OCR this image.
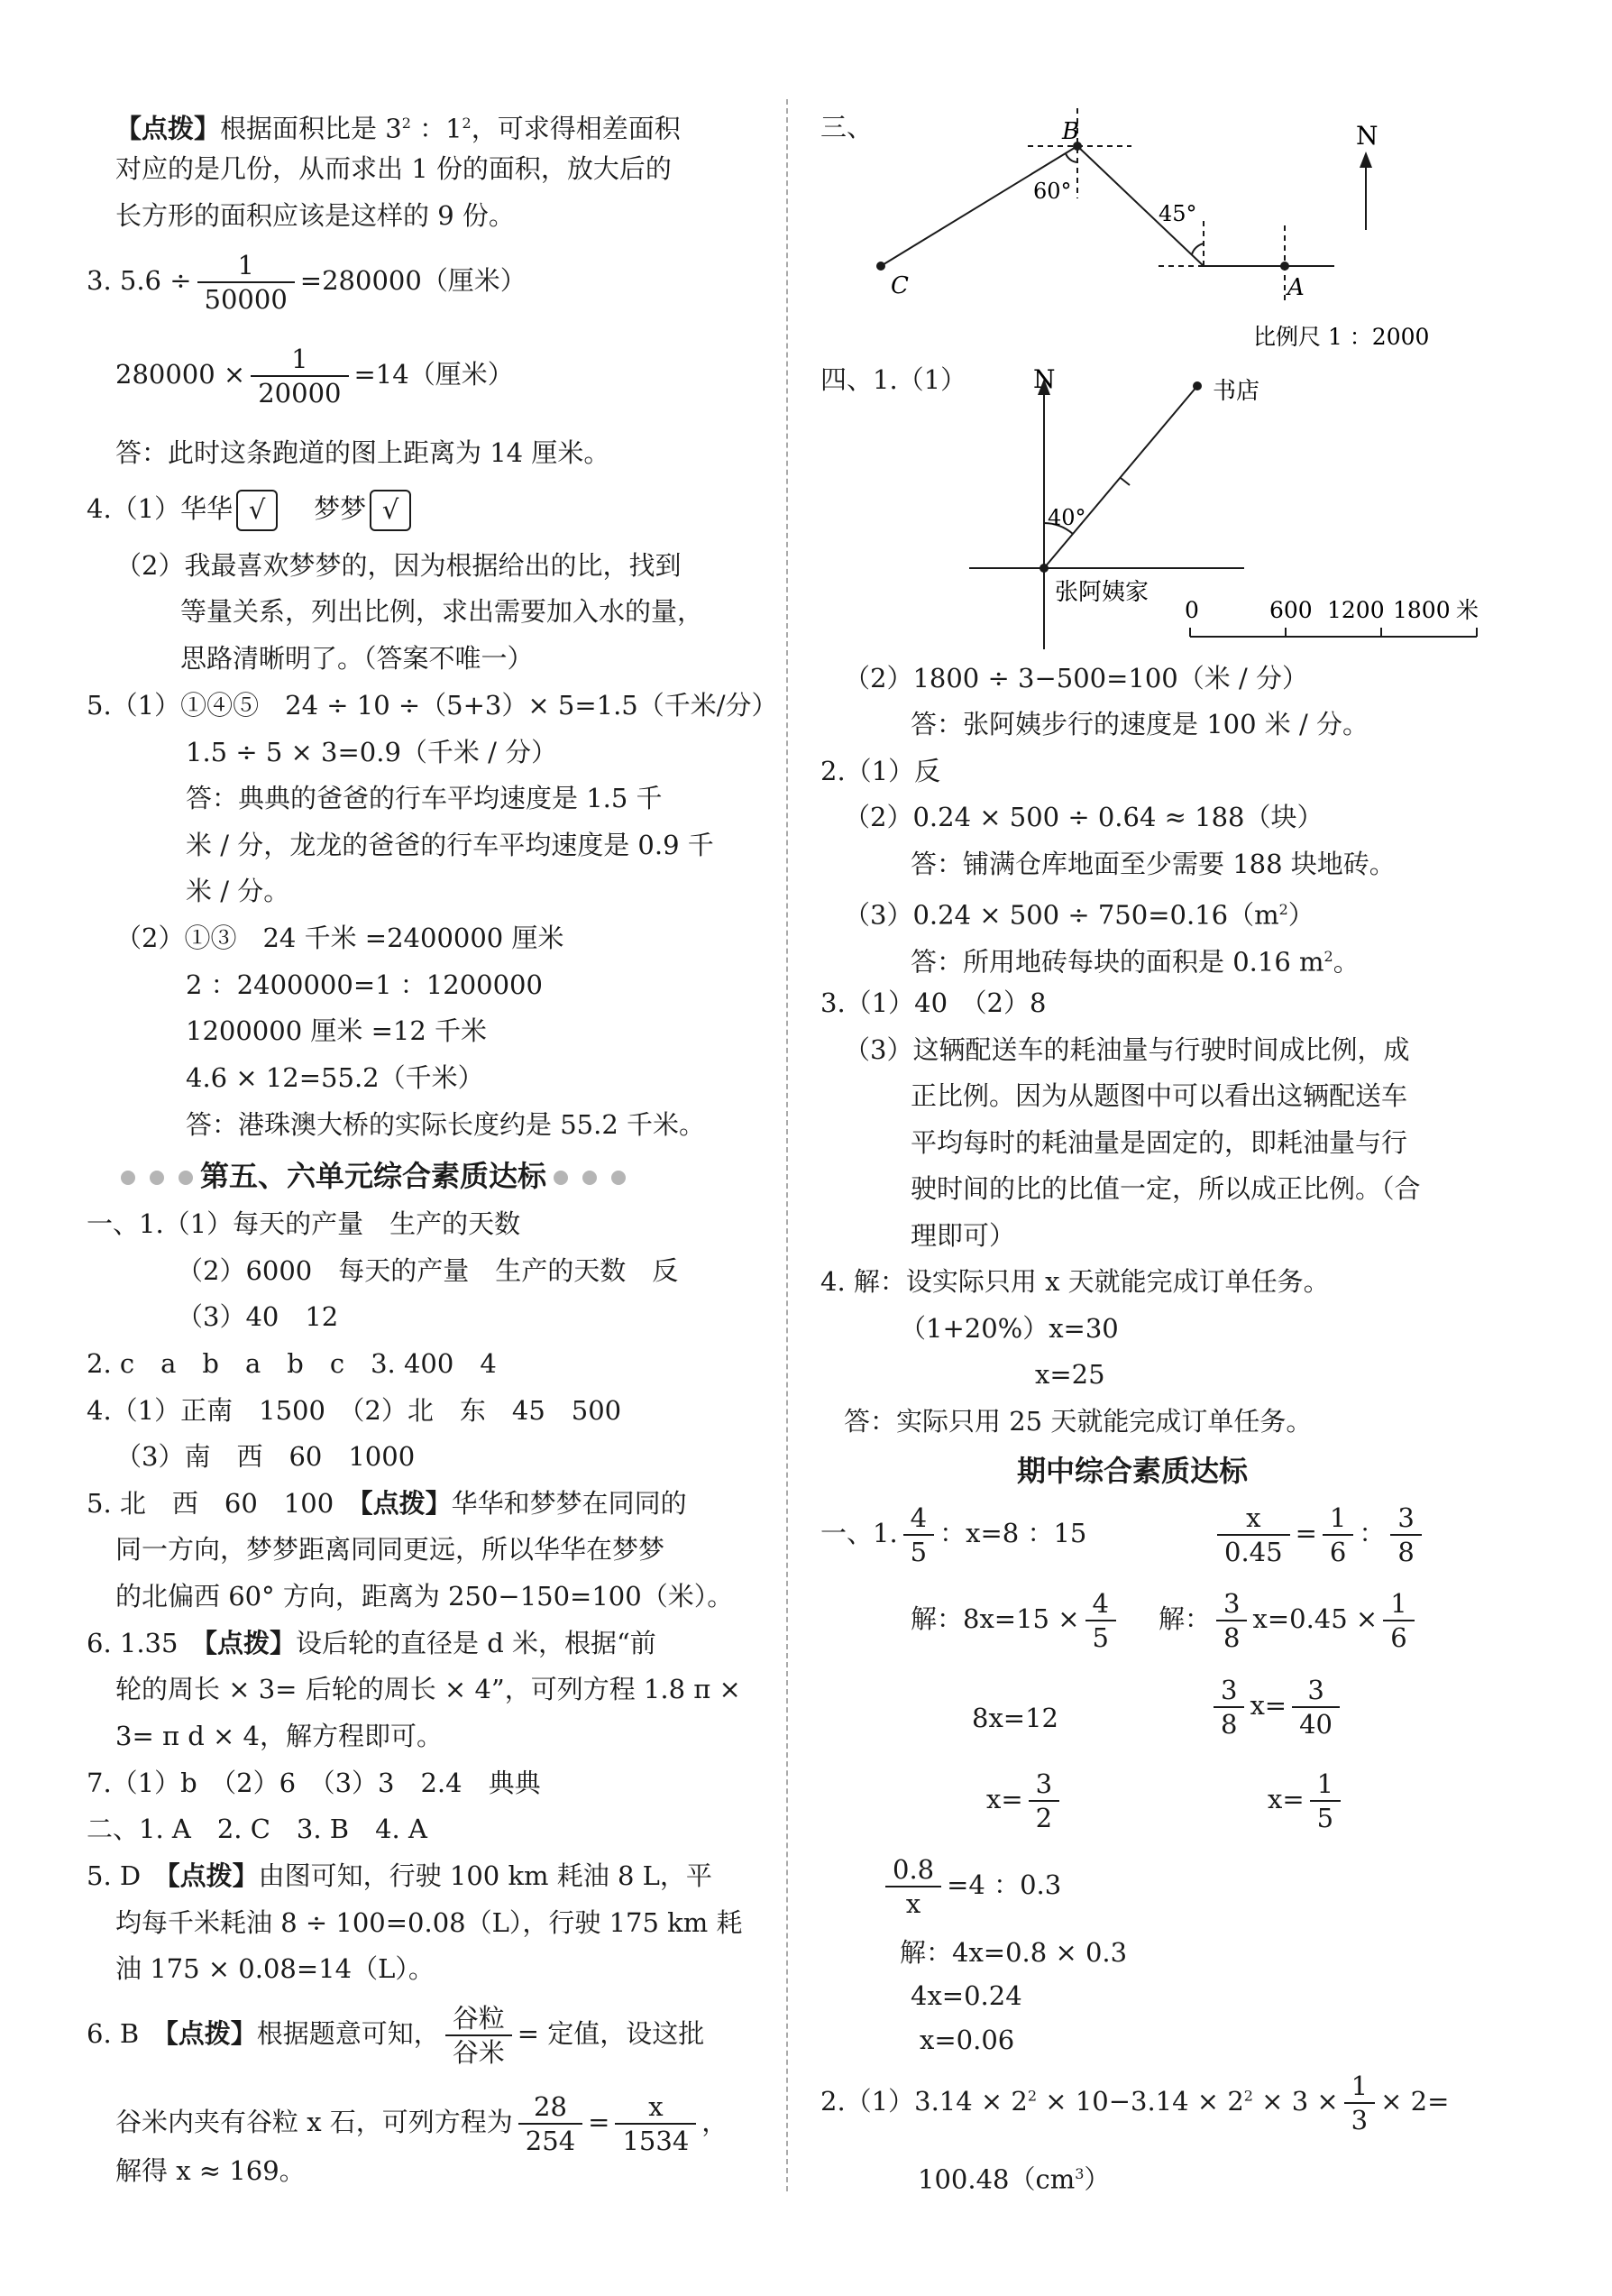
【点拨】根据面积比是 $3^2$ ：$1^2$，可求得相差面积
对应的是几份，从而求出 1 份的面积，放大后的
长方形的面积应该是这样的 9 份。
3. $5.6 \div \frac{1}{50000} =280000$（厘米）
$280000 \times \frac{1}{20000} =14$（厘米）
答：此时这条跑道的图上距离为 14 厘米。
4.（1）华华 √ 梦梦 √
（2）我最喜欢梦梦的，因为根据给出的比，找到
等量关系，列出比例，求出需要加入水的量，
思路清晰明了。（答案不唯一）
5.（1）①④⑤　24 ÷ 10 ÷（5+3）× 5=1.5（千米/分）
1.5 ÷ 5 × 3=0.9（千米 / 分）
答：典典的爸爸的行车平均速度是 1.5 千
米 / 分，龙龙的爸爸的行车平均速度是 0.9 千
米 / 分。
（2）①③　24 千米 =2400000 厘米
2 ：2400000=1 ：1200000
1200000 厘米 =12 千米
4.6 × 12=55.2（千米）
答：港珠澳大桥的实际长度约是 55.2 千米。
第五、六单元综合素质达标
一、1.（1）每天的产量　生产的天数
（2）6000　每天的产量　生产的天数　反
（3）40　12
2. c　a　b　a　b　c　3. 400　4
4.（1）正南　1500　（2）北　东　45　500
（3）南　西　60　1000
5. 北　西　60　100　【点拨】华华和梦梦在同同的
同一方向，梦梦距离同同更远，所以华华在梦梦
的北偏西 60° 方向，距离为 250−150=100（米）。
6. 1.35　【点拨】设后轮的直径是 d 米，根据“前
轮的周长 × 3= 后轮的周长 × 4”，可列方程 1.8 π ×
3= π d × 4，解方程即可。
7.（1）b　（2）6　（3）3　2.4　典典
二、1. A　2. C　3. B　4. A
5. D　【点拨】由图可知，行驶 100 km 耗油 8 L，平
均每千米耗油 8 ÷ 100=0.08（L），行驶 175 km 耗
油 175 × 0.08=14（L）。
6. B　【点拨】根据题意可知， $\frac{\text{谷粒}}{\text{谷米}}$ = 定值，设这批
谷米内夹有谷粒 x 石，可列方程为 $\frac{28}{254} = \frac{x}{1534}$ ，
解得 x ≈ 169。
三、	B
C	A
N
60°
45°
比例尺 1 ：2000
四、1.（1）	N	书店
40°
张阿姨家
0	600 1200 1800 米
（2）1800 ÷ 3−500=100（米 / 分）
答：张阿姨步行的速度是 100 米 / 分。
2.（1）反
（2）0.24 × 500 ÷ 0.64 ≈ 188（块）
答：铺满仓库地面至少需要 188 块地砖。
$(3)0.24 \times 500 \div 750=0.16(m^2)$
答：所用地砖每块的面积是 0.16 $m^2$。
3.（1）40　（2）8
（3）这辆配送车的耗油量与行驶时间成比例，成
正比例。因为从题图中可以看出这辆配送车
平均每时的耗油量是固定的，即耗油量与行
驶时间的比的比值一定，所以成正比例。（合
理即可）
4. 解：设实际只用 x 天就能完成订单任务。
（1+20%）x=30
x=25
答：实际只用 25 天就能完成订单任务。
期中综合素质达标
一、1. $\frac{4}{5}$ ：x=8 ：15	$\frac{x}{0.45} = \frac{1}{6}$ ： $\frac{3}{8}$
解：$8x=15 \times \frac{4}{5}$ 解： $\frac{3}{8} x=0.45 \times \frac{1}{6}$
8x=12	$\frac{3}{8} x= \frac{3}{40}$
$x= \frac{3}{2}$	$x= \frac{1}{5}$
$\frac{0.8}{x} =4$ ：0.3
解：4x=0.8 × 0.3
4x=0.24
x=0.06
$2.(1)3.14 \times 2^2 \times 10-3.14 \times 2^2 \times 3 \times \frac{1}{3} \times 2=$
$100.48(cm^3)$
